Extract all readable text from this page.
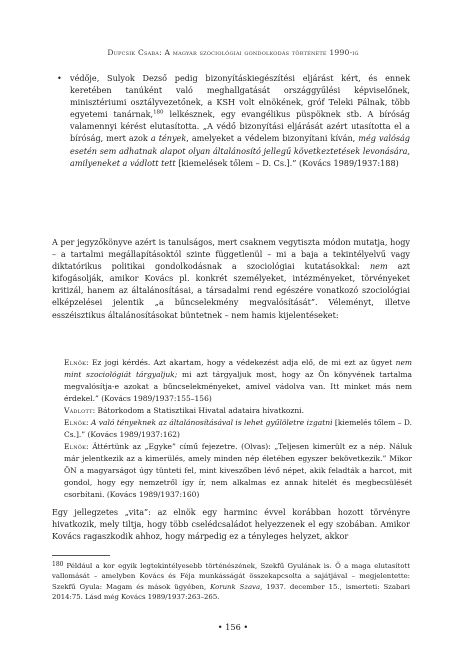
Dupcsik Csaba: A magyar szociológiai gondolkodás története 1990-ig
• védője, Sulyok Dezső pedig bizonyításkiegészítési eljárást kért, és ennek keretében tanúként való meghallgatását országgyűlési képviselőnek, minisztériumi osztályvezetőnek, a KSH volt elnökének, gróf Teleki Pálnak, több egyetemi tanárnak,$^{180}$ lelkésznek, egy evangélikus püspöknek stb. A bíróság valamennyi kérést elutasította. „A védő bizonyítási eljárását azért utasította el a bíróság, mert azok a tények, amelyeket a védelem bizonyítani kíván, még valóság esetén sem adhatnak alapot olyan általánosító jellegű következtetések levonására, amilyeneket a vádlott tett [kiemelések tőlem – D. Cs.].” (Kovács 1989/1937:188)

A per jegyzőkönyve azért is tanulságos, mert csaknem vegytiszta módon mutatja, hogy – a tartalmi megállapításoktól szinte függetlenül – mi a baja a tekintélyelvű vagy diktatórikus politikai gondolkodásnak a szociológiai kutatásokkal: nem azt kifogásolják, amikor Kovács pl. konkrét személyeket, intézményeket, törvényeket kritizál, hanem az általánosításai, a társadalmi rend egészére vonatkozó szociológiai elképzelései jelentik „a bűncselekmény megvalósítását”. Véleményt, illetve esszéisztikus általánosításokat büntetnek – nem hamis kijelentéseket:

Elnök: Ez jogi kérdés. Azt akartam, hogy a védekezést adja elő, de mi ezt az ügyet nem mint szociológiát tárgyaljuk; mi azt tárgyaljuk most, hogy az Ön könyvének tartalma megvalósítja-e azokat a bűncselekményeket, amivel vádolva van. Itt minket más nem érdekel.” (Kovács 1989/1937:155–156)

Vádlott: Bátorkodom a Statisztikai Hivatal adataira hivatkozni.

Elnök: A való tényeknek az általánosításával is lehet gyűlöletre izgatni [kiemelés tőlem – D. Cs.].” (Kovács 1989/1937:162)

Elnök: Áttértünk az „Egyke” című fejezetre. (Olvas): „Teljesen kimerült ez a nép. Náluk már jelentkezik az a kimerülés, amely minden nép életében egyszer bekövetkezik.” Mikor ÖN a magyarságot úgy tünteti fel, mint kiveszőben lévő népet, akik feladták a harcot, mit gondol, hogy egy nemzetről így ír, nem alkalmas ez annak hitelét és megbecsülését csorbítani. (Kovács 1989/1937:160)

Egy jellegzetes „vita”: az elnök egy harminc évvel korábban hozott törvényre hivatkozik, mely tiltja, hogy több cselédcsaládot helyezzenek el egy szobában. Amikor Kovács ragaszkodik ahhoz, hogy márpedig ez a tényleges helyzet, akkor

180 Például a kor egyik legtekintélyesebb történészének, Szekfű Gyulának is. Ő a maga elutasított vallomását – amelyben Kovács és Féja munkásságát összekapcsolta a sajátjával – megjelentette: Szekfű Gyula: Magam és mások ügyében, Korunk Szava, 1937. december 15., ismerteti: Szabari 2014:75. Lásd még Kovács 1989/1937:263–265.
• 156 •
